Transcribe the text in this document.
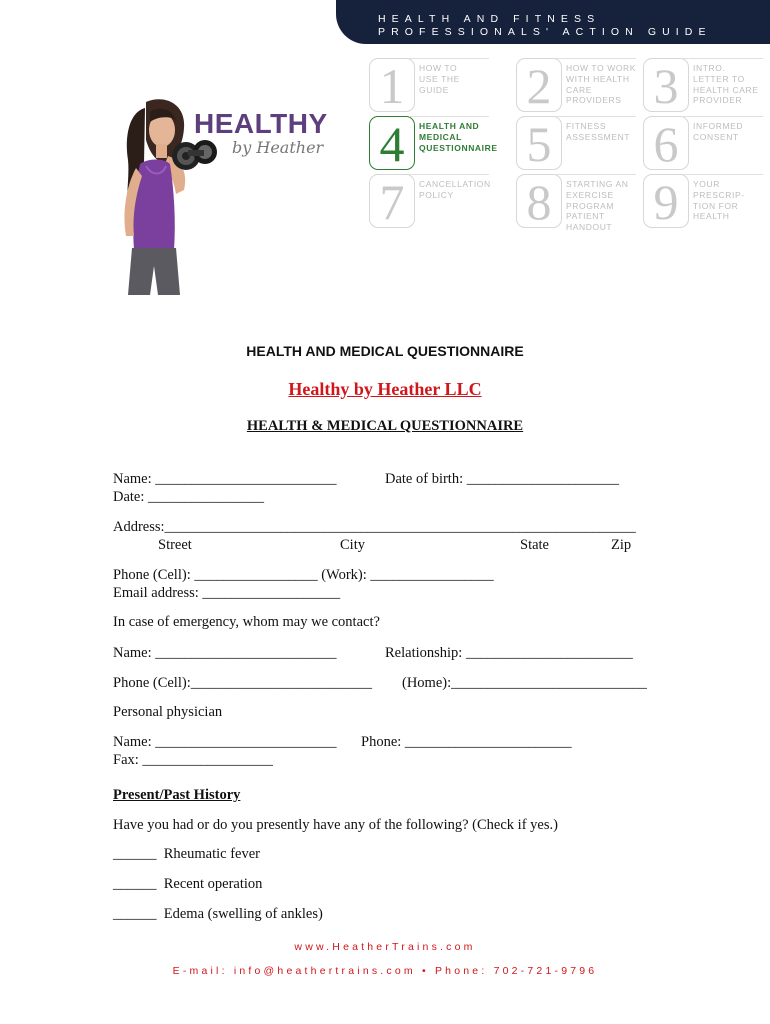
HEALTH AND FITNESS
PROFESSIONALS' ACTION GUIDE
HEALTHY
by Heather
1	HOW TO
USE THE
GUIDE	2	HOW TO WORK
WITH HEALTH
CARE
PROVIDERS 3	INTRO.
LETTER TO
HEALTH CARE
PROVIDER
4	HEALTH AND
MEDICAL
QUESTIONNAIRE 5	FITNESS
ASSESSMENT 6	INFORMED
CONSENT
7	CANCELLATION
POLICY	8	STARTING AN
EXERCISE
PROGRAM
PATIENT
HANDOUT 9	YOUR
PRESCRIP-
TION FOR
HEALTH
HEALTH AND MEDICAL QUESTIONNAIRE
Healthy by Heather LLC
HEALTH & MEDICAL QUESTIONNAIRE
Name: _________________________	Date of birth: _____________________
Date: ________________
Address:_________________________________________________________________
Street	City	State	Zip
Phone (Cell): _________________ (Work): _________________
Email address: ___________________
In case of emergency, whom may we contact?
Name: _________________________	Relationship: _______________________
Phone (Cell):_________________________ (Home):___________________________
Personal physician
Name: _________________________ Phone: _______________________
Fax: __________________
Present/Past History
Have you had or do you presently have any of the following? (Check if yes.)
______  Rheumatic fever
______  Recent operation
______  Edema (swelling of ankles)
www.HeatherTrains.com
E-mail: info@heathertrains.com • Phone: 702-721-9796
